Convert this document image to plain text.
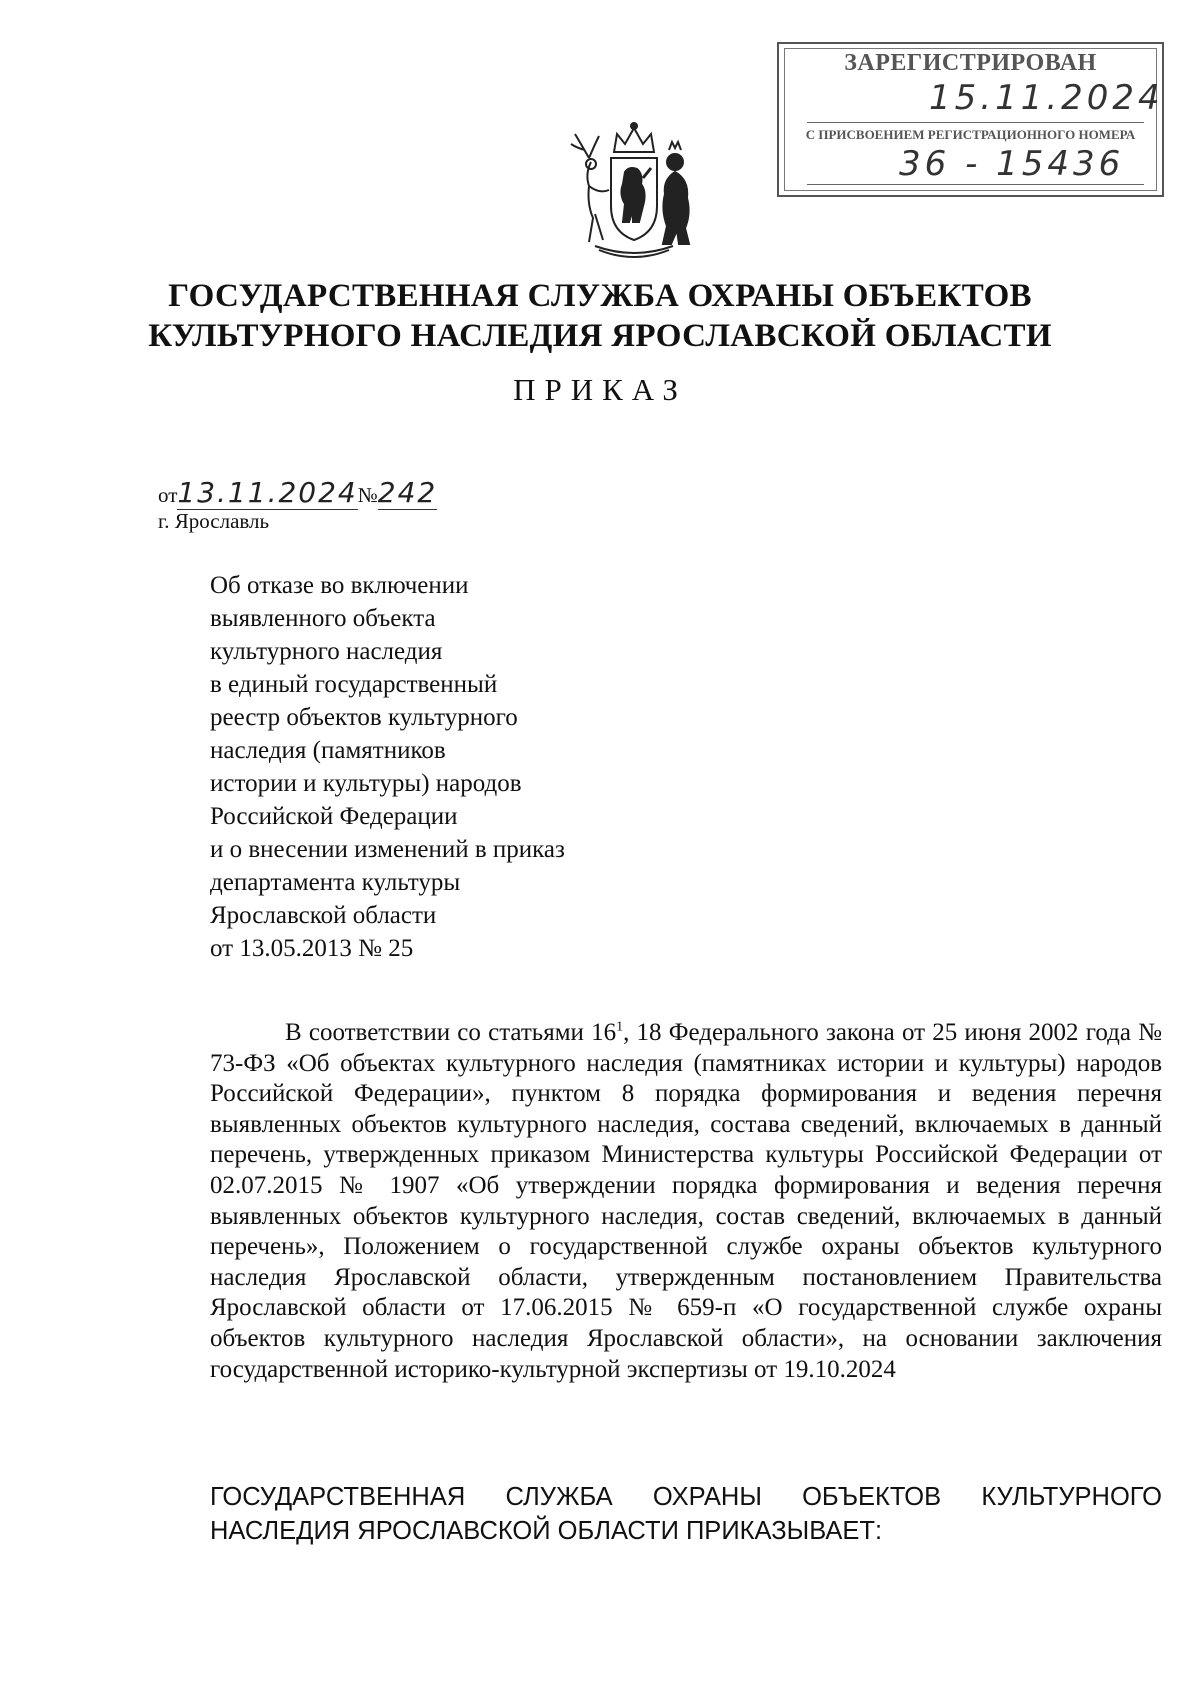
ЗАРЕГИСТРИРОВАН
15.11.2024
С ПРИСВОЕНИЕМ РЕГИСТРАЦИОННОГО НОМЕРА
36 - 15436
ГОСУДАРСТВЕННАЯ СЛУЖБА ОХРАНЫ ОБЪЕКТОВ
КУЛЬТУРНОГО НАСЛЕДИЯ ЯРОСЛАВСКОЙ ОБЛАСТИ
ПРИКАЗ
от13.11.2024№242
г. Ярославль
Об отказе во включении
выявленного объекта
культурного наследия
в единый государственный
реестр объектов культурного
наследия (памятников
истории и культуры) народов
Российской Федерации
и о внесении изменений в приказ
департамента культуры
Ярославской области
от 13.05.2013 № 25
В соответствии со статьями $16^1$, 18 Федерального закона от 25 июня 2002 года № 73-ФЗ «Об объектах культурного наследия (памятниках истории и культуры) народов Российской Федерации», пунктом 8 порядка формирования и ведения перечня выявленных объектов культурного наследия, состава сведений, включаемых в данный перечень, утвержденных приказом Министерства культуры Российской Федерации от 02.07.2015 № 1907 «Об утверждении порядка формирования и ведения перечня выявленных объектов культурного наследия, состав сведений, включаемых в данный перечень», Положением о государственной службе охраны объектов культурного наследия Ярославской области, утвержденным постановлением Правительства Ярославской области от 17.06.2015 № 659-п «О государственной службе охраны объектов культурного наследия Ярославской области», на основании заключения государственной историко-культурной экспертизы от 19.10.2024
ГОСУДАРСТВЕННАЯ СЛУЖБА ОХРАНЫ ОБЪЕКТОВ КУЛЬТУРНОГО НАСЛЕДИЯ ЯРОСЛАВСКОЙ ОБЛАСТИ ПРИКАЗЫВАЕТ:
